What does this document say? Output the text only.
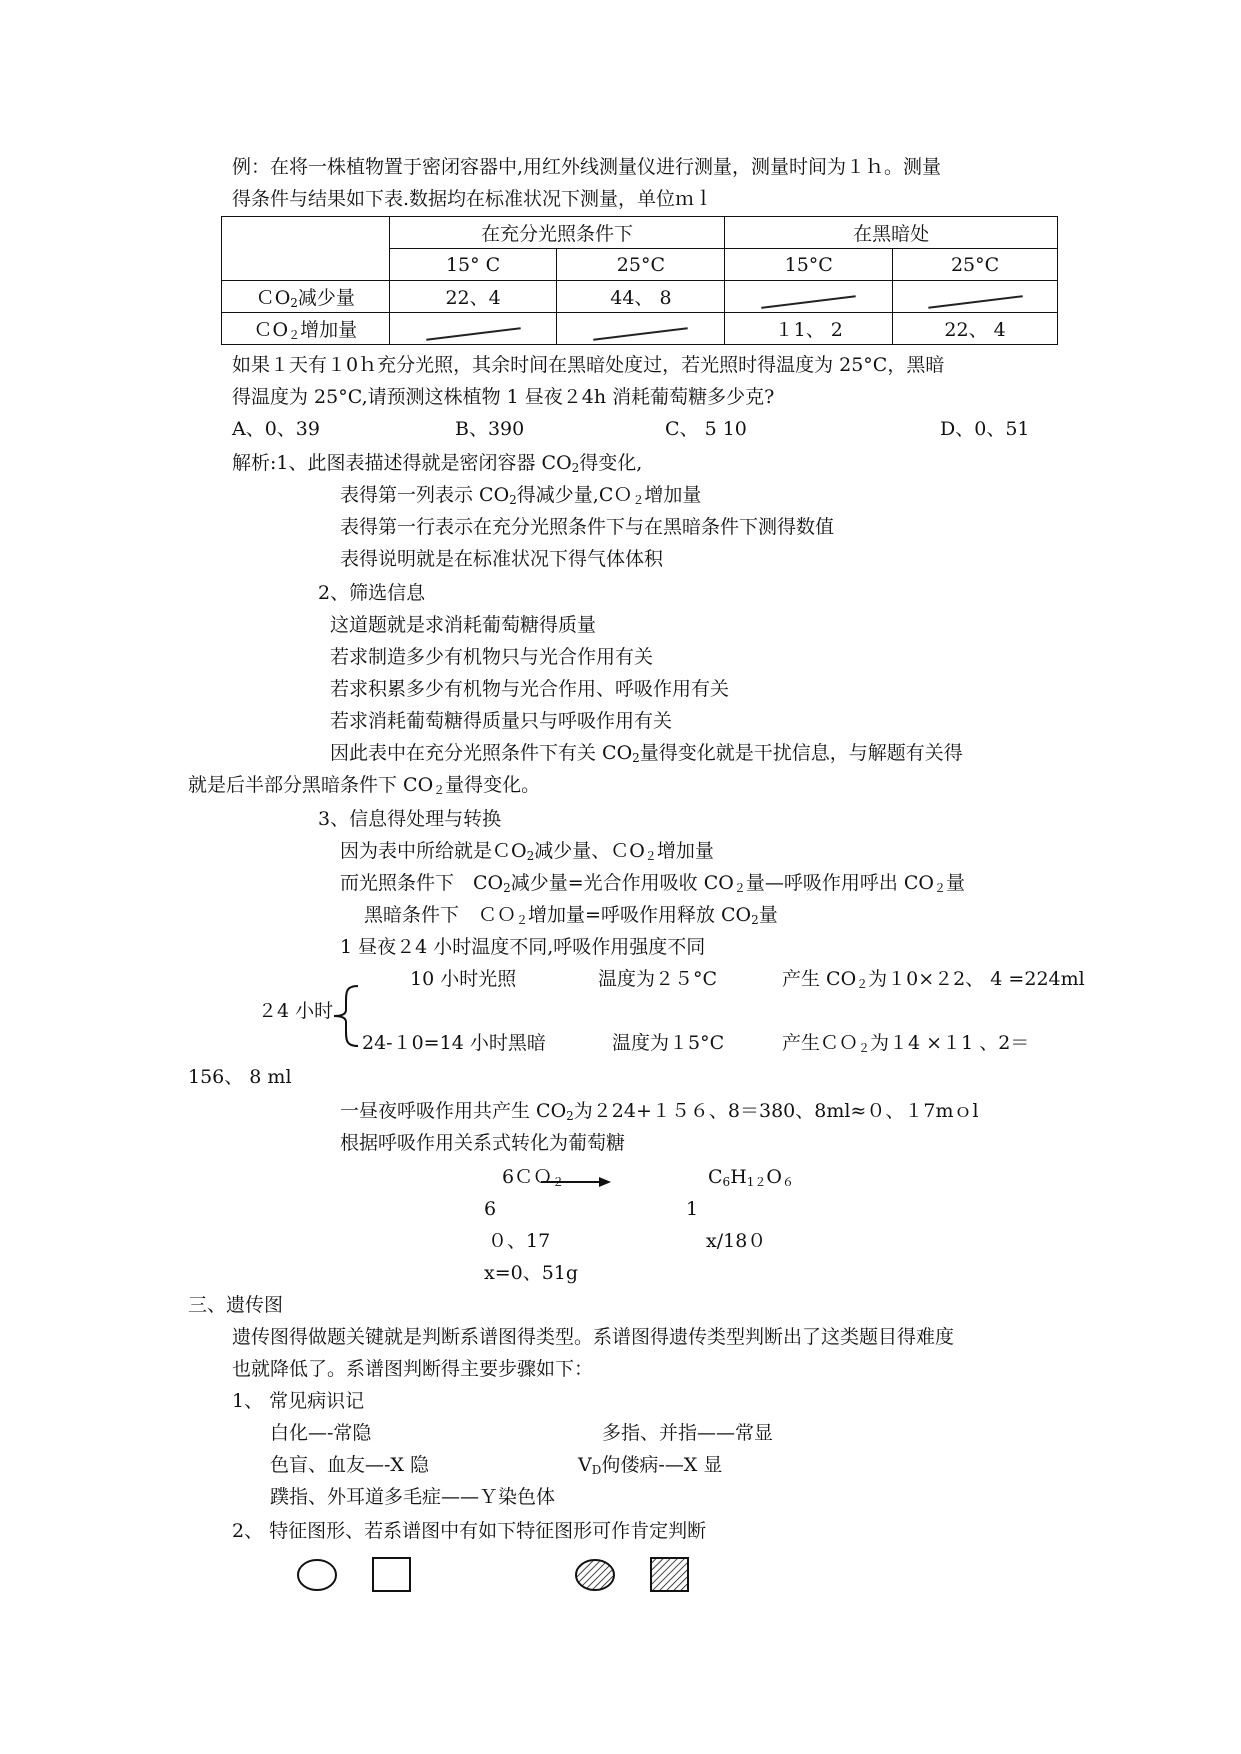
例：在将一株植物置于密闭容器中,用红外线测量仪进行测量，测量时间为１ｈ。测量
得条件与结果如下表.数据均在标准状况下测量，单位ｍｌ
	在充分光照条件下		在黑暗处	
	15° C	25°C	15°C	25°C
ＣO$_2$减少量	22、4	44、 8		
ＣO$_2$增加量			１1、 2	22、 4
如果１天有１0ｈ充分光照，其余时间在黑暗处度过，若光照时得温度为 25°C，黑暗
得温度为 25°C,请预测这株植物 1 昼夜２4h 消耗葡萄糖多少克?
A、0、39	B、390	C、 5 10	D、0、51
解析:1、此图表描述得就是密闭容器 $CO_2$得变化,
表得第一列表示 $CO_2$得减少量,CＯ$_2$增加量
表得第一行表示在充分光照条件下与在黑暗条件下测得数值
表得说明就是在标准状况下得气体体积
2、筛选信息
这道题就是求消耗葡萄糖得质量
若求制造多少有机物只与光合作用有关
若求积累多少有机物与光合作用、呼吸作用有关
若求消耗葡萄糖得质量只与呼吸作用有关
因此表中在充分光照条件下有关 $CO_2$量得变化就是干扰信息，与解题有关得
就是后半部分黑暗条件下 $CO_2$量得变化。
3、信息得处理与转换
因为表中所给就是ＣO$_2$减少量、ＣO$_2$增加量
而光照条件下　$CO_2$减少量=光合作用吸收 $CO_2$量—呼吸作用呼出 $CO_2$量
黑暗条件下　ＣＯ$_2$增加量=呼吸作用释放 $CO_2$量
1 昼夜２4 小时温度不同,呼吸作用强度不同
10 小时光照	温度为２５°C	产生 $CO_2$为１0×２2、 4 =224ml
２4 小时
24-１0=14 小时黑暗	温度为１5°C	产生ＣＯ$_2$为１4 ×１1 、2＝
156、 8 ml
一昼夜呼吸作用共产生 $CO_2$为２24+１５６、8＝380、8ml≈０、１7mｏl
根据呼吸作用关系式转化为葡萄糖
6ＣＯ$_2$	$C_6H_{12}O_6$
6	1
０、17	x/18０
x=0、51g
三、遗传图
遗传图得做题关键就是判断系谱图得类型。系谱图得遗传类型判断出了这类题目得难度
也就降低了。系谱图判断得主要步骤如下：
1、 常见病识记
白化—-常隐	多指、并指——常显
色盲、血友—-X 隐	$V_D$佝偻病-—X 显
蹼指、外耳道多毛症——Ｙ染色体
2、 特征图形、若系谱图中有如下特征图形可作肯定判断
